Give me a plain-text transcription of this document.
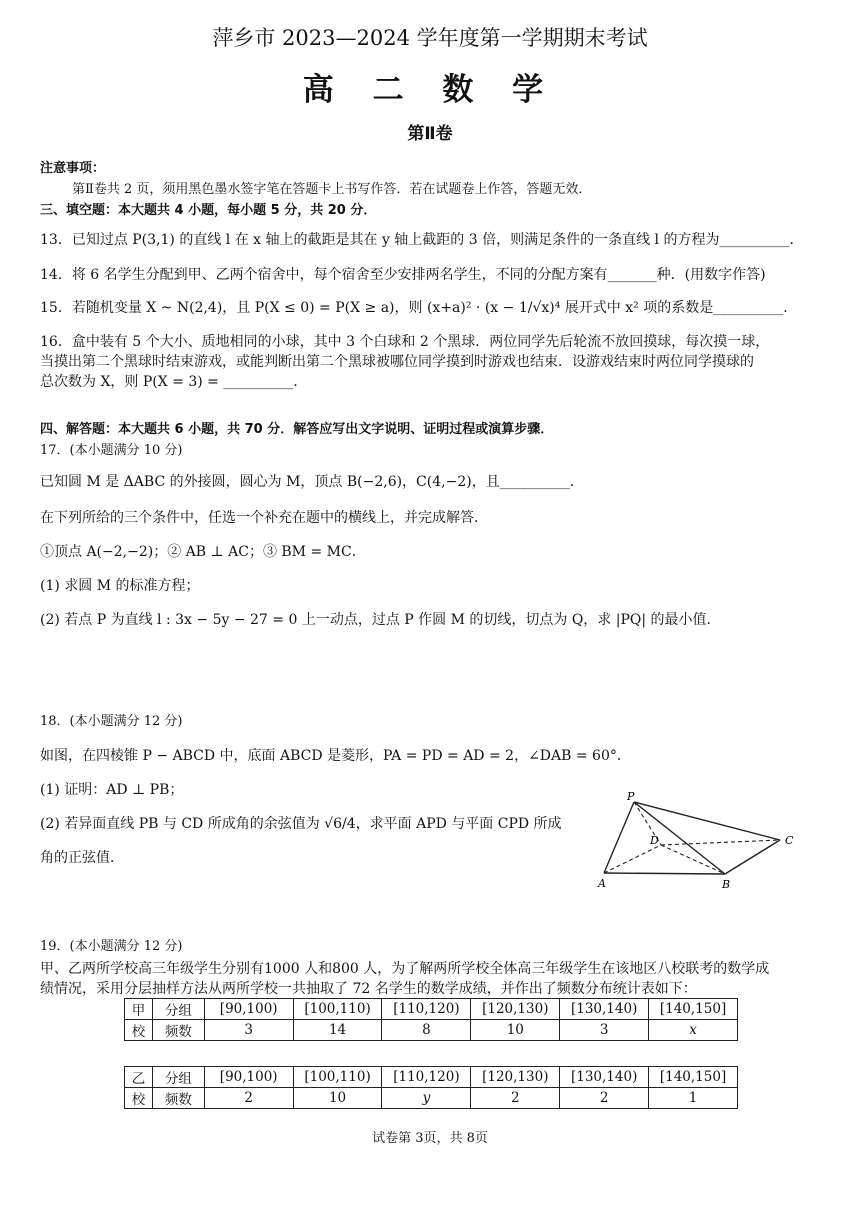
萍乡市 2023—2024 学年度第一学期期末考试
高 二 数 学
第Ⅱ卷
注意事项：
第Ⅱ卷共 2 页，须用黑色墨水签字笔在答题卡上书写作答．若在试题卷上作答，答题无效．
三、填空题：本大题共 4 小题，每小题 5 分，共 20 分．
13．已知过点 P(3,1) 的直线 l 在 x 轴上的截距是其在 y 轴上截距的 3 倍，则满足条件的一条直线 l 的方程为__________．
14．将 6 名学生分配到甲、乙两个宿舍中，每个宿舍至少安排两名学生，不同的分配方案有_______种．(用数字作答)
15．若随机变量 X ~ N(2,4)，且 P(X ≤ 0) = P(X ≥ a)，则 (x+a)² · (x − 1/√x)⁴ 展开式中 x² 项的系数是__________．
16．盒中装有 5 个大小、质地相同的小球，其中 3 个白球和 2 个黑球．两位同学先后轮流不放回摸球，每次摸一球，
当摸出第二个黑球时结束游戏，或能判断出第二个黑球被哪位同学摸到时游戏也结束．设游戏结束时两位同学摸球的
总次数为 X，则 P(X = 3) = __________．
四、解答题：本大题共 6 小题，共 70 分．解答应写出文字说明、证明过程或演算步骤．
17．(本小题满分 10 分)
已知圆 M 是 ΔABC 的外接圆，圆心为 M，顶点 B(−2,6)，C(4,−2)，且__________．
在下列所给的三个条件中，任选一个补充在题中的横线上，并完成解答．
①顶点 A(−2,−2)；② AB ⊥ AC；③ BM = MC．
(1) 求圆 M 的标准方程；
(2) 若点 P 为直线 l : 3x − 5y − 27 = 0 上一动点，过点 P 作圆 M 的切线，切点为 Q，求 |PQ| 的最小值．
18．(本小题满分 12 分)
如图，在四棱锥 P − ABCD 中，底面 ABCD 是菱形，PA = PD = AD = 2，∠DAB = 60°．
(1) 证明：AD ⊥ PB；
(2) 若异面直线 PB 与 CD 所成角的余弦值为 √6/4，求平面 APD 与平面 CPD 所成
角的正弦值．
P
D	C
A	B
19．(本小题满分 12 分)
甲、乙两所学校高三年级学生分别有1000 人和800 人，为了解两所学校全体高三年级学生在该地区八校联考的数学成
绩情况，采用分层抽样方法从两所学校一共抽取了 72 名学生的数学成绩，并作出了频数分布统计表如下：
甲	分组	[90,100)	[100,110)	[110,120)	[120,130)	[130,140)	[140,150]
校	频数	3	14	8	10	3	x
乙	分组	[90,100)	[100,110)	[110,120)	[120,130)	[130,140)	[140,150]
校	频数	2	10	y	2	2	1
试卷第 3页，共 8页
